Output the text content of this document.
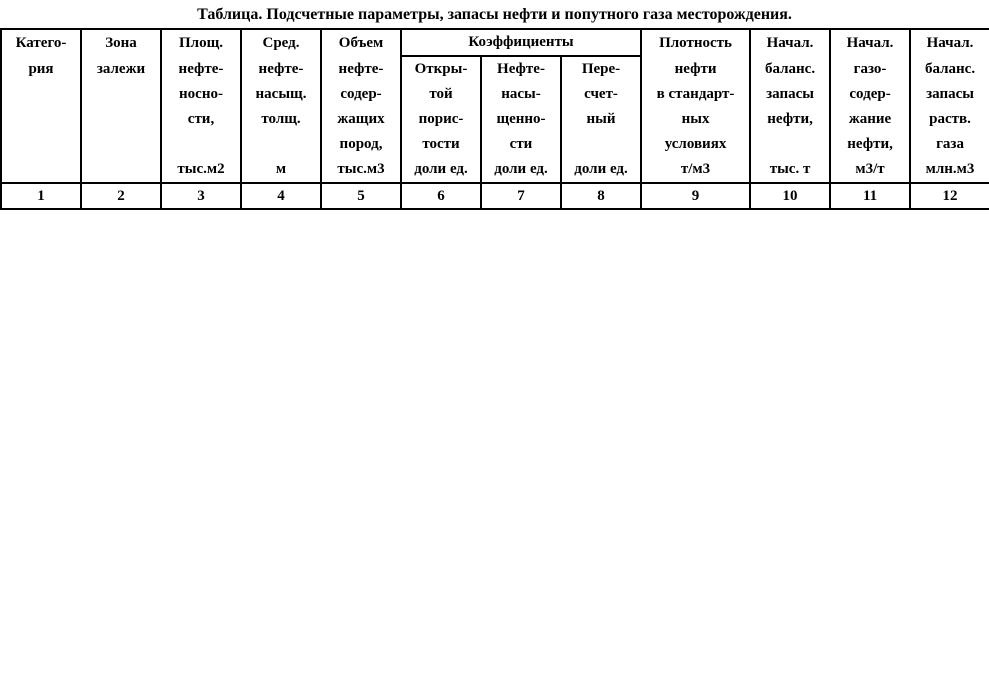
Таблица. Подсчетные параметры, запасы нефти и попутного газа месторождения.
Катего-	Зона	Площ.	Сред.	Объем	Коэффициенты			Плотность	Начал.	Начал.	Начал.
рия	залежи	нефте-	нефте-	нефте-	Откры-	Нефте-	Пере-	нефти	баланс.	газо-	баланс.
		носно-	насыщ.	содер-	той	насы-	счет-	в стандарт-	запасы	содер-	запасы
		сти,	толщ.	жащих	порис-	щенно-	ный	ных	нефти,	жание	раств.
				пород,	тости	сти		условиях		нефти,	газа
		тыс.м2	м	тыс.м3	доли ед.	доли ед.	доли ед.	т/м3	тыс. т	м3/т	млн.м3
1	2	3	4	5	6	7	8	9	10	11	12
